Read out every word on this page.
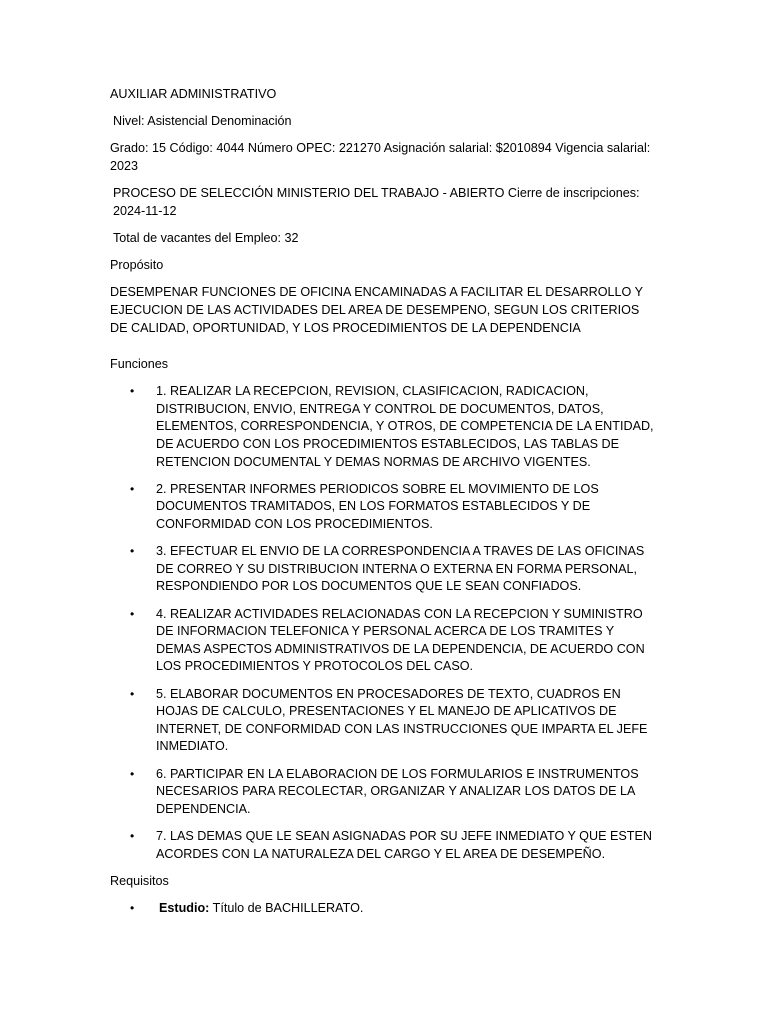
AUXILIAR ADMINISTRATIVO

Nivel: Asistencial Denominación

Grado: 15 Código: 4044 Número OPEC: 221270 Asignación salarial: $2010894 Vigencia salarial: 2023

PROCESO DE SELECCIÓN MINISTERIO DEL TRABAJO - ABIERTO Cierre de inscripciones: 2024-11-12

Total de vacantes del Empleo: 32

Propósito

DESEMPENAR FUNCIONES DE OFICINA ENCAMINADAS A FACILITAR EL DESARROLLO Y EJECUCION DE LAS ACTIVIDADES DEL AREA DE DESEMPENO, SEGUN LOS CRITERIOS DE CALIDAD, OPORTUNIDAD, Y LOS PROCEDIMIENTOS DE LA DEPENDENCIA

Funciones

• 1. REALIZAR LA RECEPCION, REVISION, CLASIFICACION, RADICACION, DISTRIBUCION, ENVIO, ENTREGA Y CONTROL DE DOCUMENTOS, DATOS, ELEMENTOS, CORRESPONDENCIA, Y OTROS, DE COMPETENCIA DE LA ENTIDAD, DE ACUERDO CON LOS PROCEDIMIENTOS ESTABLECIDOS, LAS TABLAS DE RETENCION DOCUMENTAL Y DEMAS NORMAS DE ARCHIVO VIGENTES.
• 2. PRESENTAR INFORMES PERIODICOS SOBRE EL MOVIMIENTO DE LOS DOCUMENTOS TRAMITADOS, EN LOS FORMATOS ESTABLECIDOS Y DE CONFORMIDAD CON LOS PROCEDIMIENTOS.
• 3. EFECTUAR EL ENVIO DE LA CORRESPONDENCIA A TRAVES DE LAS OFICINAS DE CORREO Y SU DISTRIBUCION INTERNA O EXTERNA EN FORMA PERSONAL, RESPONDIENDO POR LOS DOCUMENTOS QUE LE SEAN CONFIADOS.
• 4. REALIZAR ACTIVIDADES RELACIONADAS CON LA RECEPCION Y SUMINISTRO DE INFORMACION TELEFONICA Y PERSONAL ACERCA DE LOS TRAMITES Y DEMAS ASPECTOS ADMINISTRATIVOS DE LA DEPENDENCIA, DE ACUERDO CON LOS PROCEDIMIENTOS Y PROTOCOLOS DEL CASO.
• 5. ELABORAR DOCUMENTOS EN PROCESADORES DE TEXTO, CUADROS EN HOJAS DE CALCULO, PRESENTACIONES Y EL MANEJO DE APLICATIVOS DE INTERNET, DE CONFORMIDAD CON LAS INSTRUCCIONES QUE IMPARTA EL JEFE INMEDIATO.
• 6. PARTICIPAR EN LA ELABORACION DE LOS FORMULARIOS E INSTRUMENTOS NECESARIOS PARA RECOLECTAR, ORGANIZAR Y ANALIZAR LOS DATOS DE LA DEPENDENCIA.
• 7. LAS DEMAS QUE LE SEAN ASIGNADAS POR SU JEFE INMEDIATO Y QUE ESTEN ACORDES CON LA NATURALEZA DEL CARGO Y EL AREA DE DESEMPEÑO.

Requisitos

• Estudio: Título de BACHILLERATO.
